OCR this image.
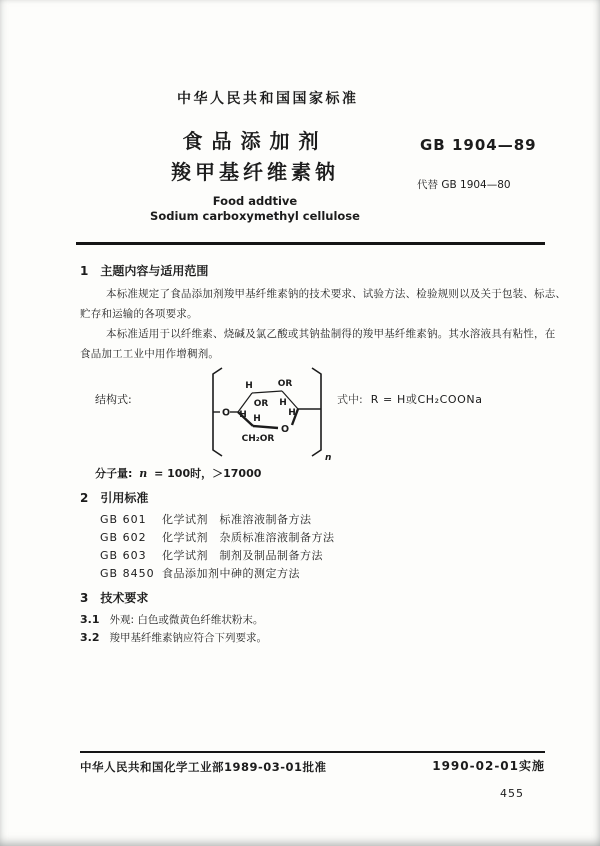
中华人民共和国国家标准
食品添加剂
羧甲基纤维素钠
Food addtive
Sodium carboxymethyl cellulose
GB 1904—89
代替 GB 1904—80
1 主题内容与适用范围
本标准规定了食品添加剂羧甲基纤维素钠的技术要求、试验方法、检验规则以及关于包装、标志、
贮存和运输的各项要求。
本标准适用于以纤维素、烧碱及氯乙酸或其钠盐制得的羧甲基纤维素钠。其水溶液具有粘性，在
食品加工工业中用作增稠剂。
结构式:
n
O
H	OR
OR
H
H
H
H
CH₂OR
O
式中: R = H或CH₂COONa
分子量: n = 100时，＞17000
2 引用标准
GB 601	化学试剂　标准溶液制备方法
GB 602	化学试剂　杂质标准溶液制备方法
GB 603	化学试剂　制剂及制品制备方法
GB 8450 食品添加剂中砷的测定方法
3 技术要求
3.1 外观: 白色或微黄色纤维状粉末。
3.2 羧甲基纤维素钠应符合下列要求。
中华人民共和国化学工业部1989-03-01批准	1990-02-01实施
455
